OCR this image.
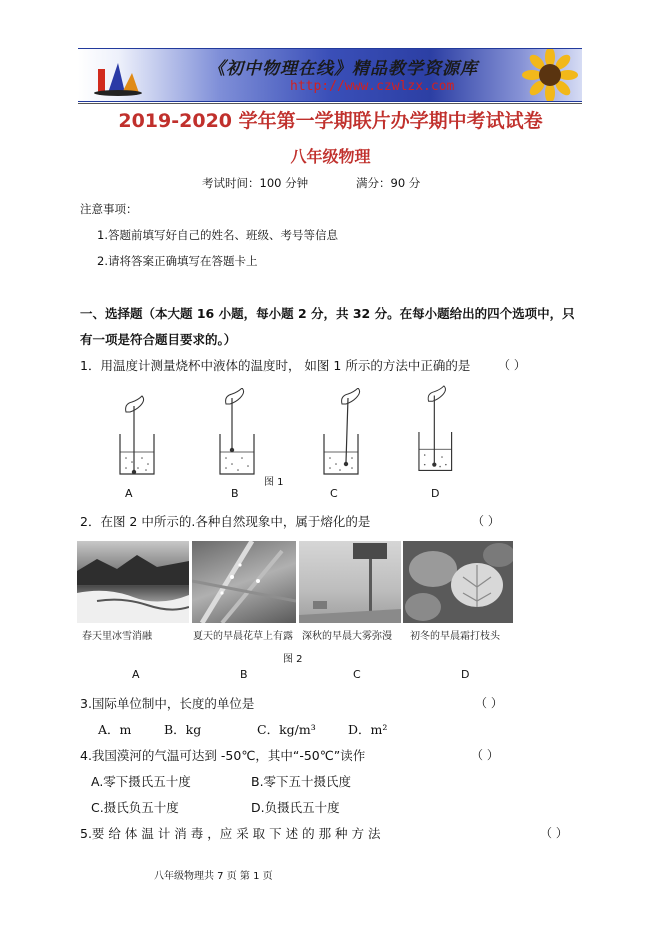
《初中物理在线》精品教学资源库
http://www.czwlzx.com
2019-2020 学年第一学期联片办学期中考试试卷
八年级物理
考试时间：100 分钟	满分：90 分
注意事项：
1.答题前填写好自己的姓名、班级、考号等信息
2.请将答案正确填写在答题卡上
一、选择题（本大题 16 小题，每小题 2 分，共 32 分。在每小题给出的四个选项中，只
有一项是符合题目要求的。）
1．用温度计测量烧杯中液体的温度时， 如图 1 所示的方法中正确的是 （ ）
图 1
A	B	C	D
2．在图 2 中所示的.各种自然现象中，属于熔化的是	（ ）
春天里冰雪消融	夏天的早晨花草上有露 深秋的早晨大雾弥漫 初冬的早晨霜打枝头
图 2
A	B	C	D
3.国际单位制中，长度的单位是	（ ）
A．m	B．kg	C．kg/m³	D．m²
4.我国漠河的气温可达到 -50℃，其中“-50℃”读作	（ ）
A.零下摄氏五十度	B.零下五十摄氏度
C.摄氏负五十度	D.负摄氏五十度
5.要 给 体 温 计 消 毒 ，应 采 取 下 述 的 那 种 方 法	（ ）
八年级物理共 7 页 第 1 页
